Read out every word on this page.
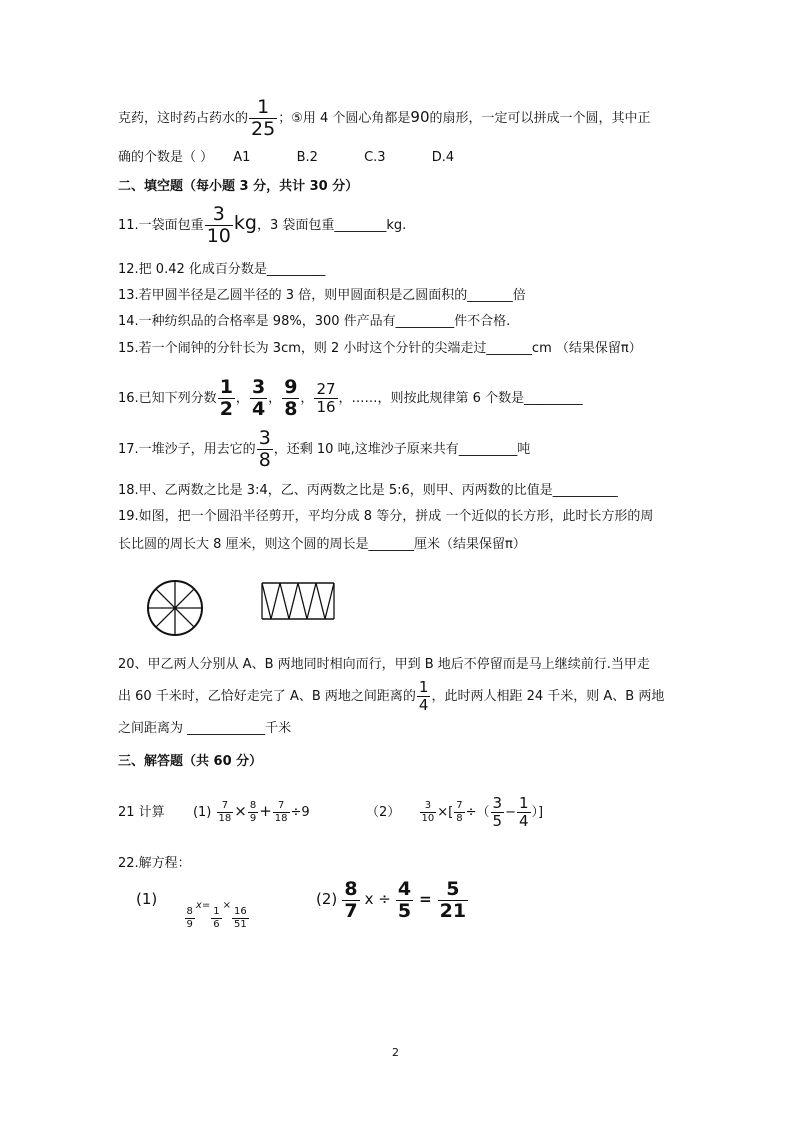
克药，这时药占药水的 $\frac{1}{25}$ ；⑤用 4 个圆心角都是90的扇形，一定可以拼成一个圆，其中正
确的个数是（ ） A1	B.2	C.3	D.4
二、填空题（每小题 3 分，共计 30 分）
11.一袋面包重 $\frac{3}{10}$ kg，3 袋面包重________kg.
12.把 0.42 化成百分数是_________
13.若甲圆半径是乙圆半径的 3 倍，则甲圆面积是乙圆面积的_______倍
14.一种纺织品的合格率是 98%，300 件产品有_________件不合格.
15.若一个闹钟的分针长为 3cm，则 2 小时这个分针的尖端走过_______cm （结果保留π）
16.已知下列分数 $\frac{1}{2}$ ， $\frac{3}{4}$ ， $\frac{9}{8}$ ， $\frac{27}{16}$ ，……，则按此规律第 6 个数是_________
17.一堆沙子，用去它的 $\frac{3}{8}$ ，还剩 10 吨,这堆沙子原来共有_________吨
18.甲、乙两数之比是 3:4，乙、丙两数之比是 5:6，则甲、丙两数的比值是__________
19.如图，把一个圆沿半径剪开，平均分成 8 等分，拼成 一个近似的长方形，此时长方形的周
长比圆的周长大 8 厘米，则这个圆的周长是_______厘米（结果保留π）
20、甲乙两人分别从 A、B 两地同时相向而行，甲到 B 地后不停留而是马上继续前行.当甲走
出 60 千米时，乙恰好走完了 A、B 两地之间距离的 $\frac{1}{4}$ ，此时两人相距 24 千米，则 A、B 两地
之间距离为 ____________千米
三、解答题（共 60 分）
21 计算 $(1) \frac{7}{18} \times \frac{8}{9} + \frac{7}{18} \div 9$	$(2) \frac{3}{10}$ ×[ $\frac{7}{8}$ ÷（ $\frac{3}{5} - \frac{1}{4}$ ）]
22.解方程：
(1)
$\frac{8}{9}$
$_{x=}$
$\frac{1}{6}$
$_\times$
$\frac{16}{51}$
$(2) \frac{8}{7}$ $x \div \frac{4}{5} = \frac{5}{21}$
2
